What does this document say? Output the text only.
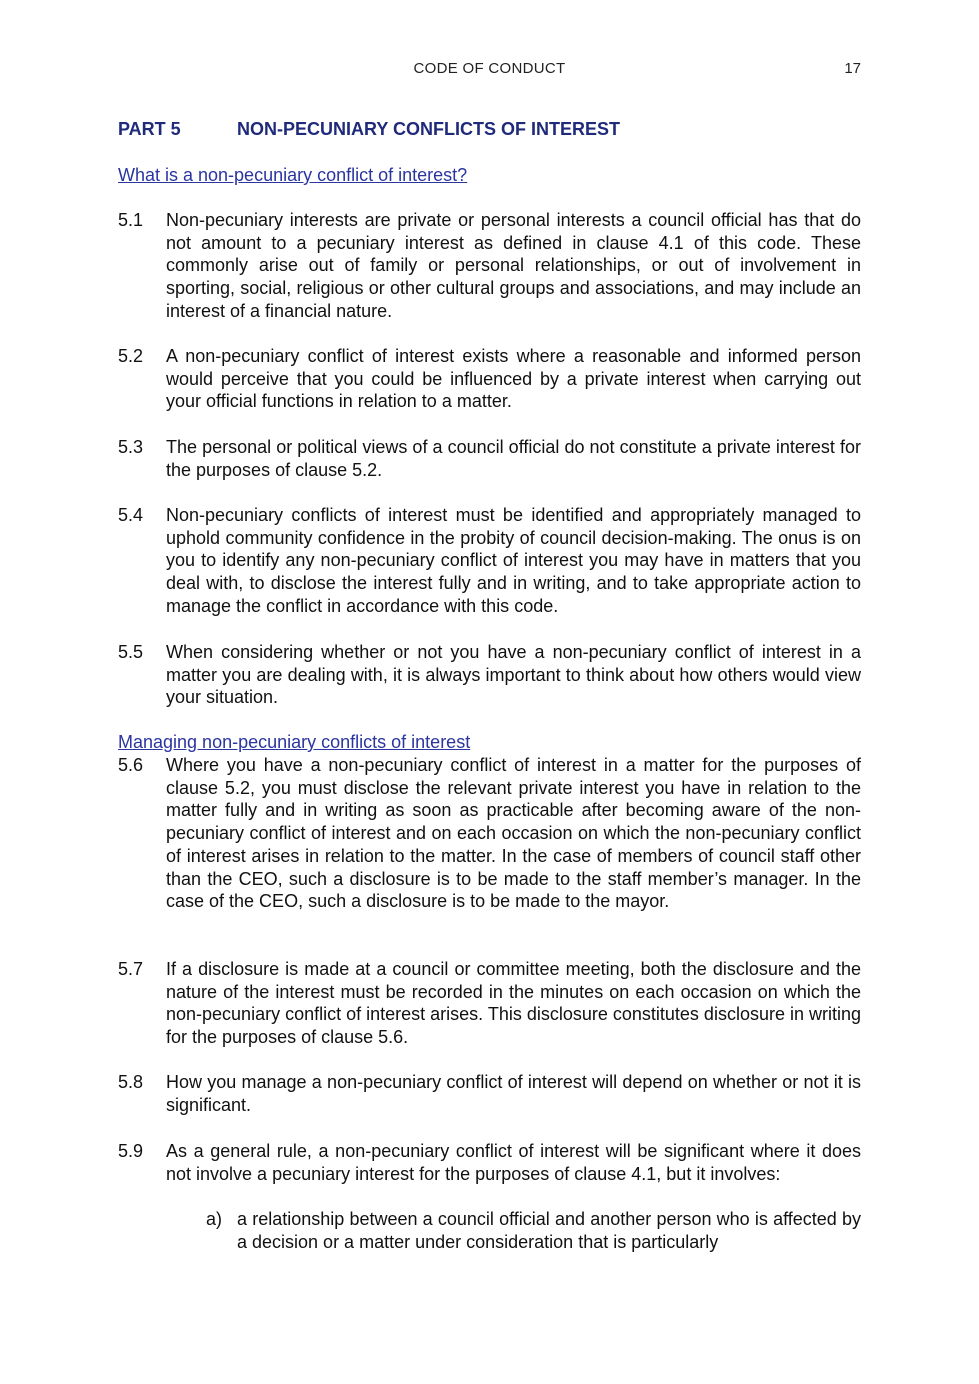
CODE OF CONDUCT	17
PART 5	NON-PECUNIARY CONFLICTS OF INTEREST
What is a non-pecuniary conflict of interest?
5.1 Non-pecuniary interests are private or personal interests a council official has that do not amount to a pecuniary interest as defined in clause 4.1 of this code. These commonly arise out of family or personal relationships, or out of involvement in sporting, social, religious or other cultural groups and associations, and may include an interest of a financial nature.
5.2 A non-pecuniary conflict of interest exists where a reasonable and informed person would perceive that you could be influenced by a private interest when carrying out your official functions in relation to a matter.
5.3 The personal or political views of a council official do not constitute a private interest for the purposes of clause 5.2.
5.4 Non-pecuniary conflicts of interest must be identified and appropriately managed to uphold community confidence in the probity of council decision-making. The onus is on you to identify any non-pecuniary conflict of interest you may have in matters that you deal with, to disclose the interest fully and in writing, and to take appropriate action to manage the conflict in accordance with this code.
5.5 When considering whether or not you have a non-pecuniary conflict of interest in a matter you are dealing with, it is always important to think about how others would view your situation.
Managing non-pecuniary conflicts of interest
5.6 Where you have a non-pecuniary conflict of interest in a matter for the purposes of clause 5.2, you must disclose the relevant private interest you have in relation to the matter fully and in writing as soon as practicable after becoming aware of the non-pecuniary conflict of interest and on each occasion on which the non-pecuniary conflict of interest arises in relation to the matter. In the case of members of council staff other than the CEO, such a disclosure is to be made to the staff member’s manager. In the case of the CEO, such a disclosure is to be made to the mayor.
5.7 If a disclosure is made at a council or committee meeting, both the disclosure and the nature of the interest must be recorded in the minutes on each occasion on which the non-pecuniary conflict of interest arises. This disclosure constitutes disclosure in writing for the purposes of clause 5.6.
5.8 How you manage a non-pecuniary conflict of interest will depend on whether or not it is significant.
5.9 As a general rule, a non-pecuniary conflict of interest will be significant where it does not involve a pecuniary interest for the purposes of clause 4.1, but it involves:
a) a relationship between a council official and another person who is affected by a decision or a matter under consideration that is particularly
